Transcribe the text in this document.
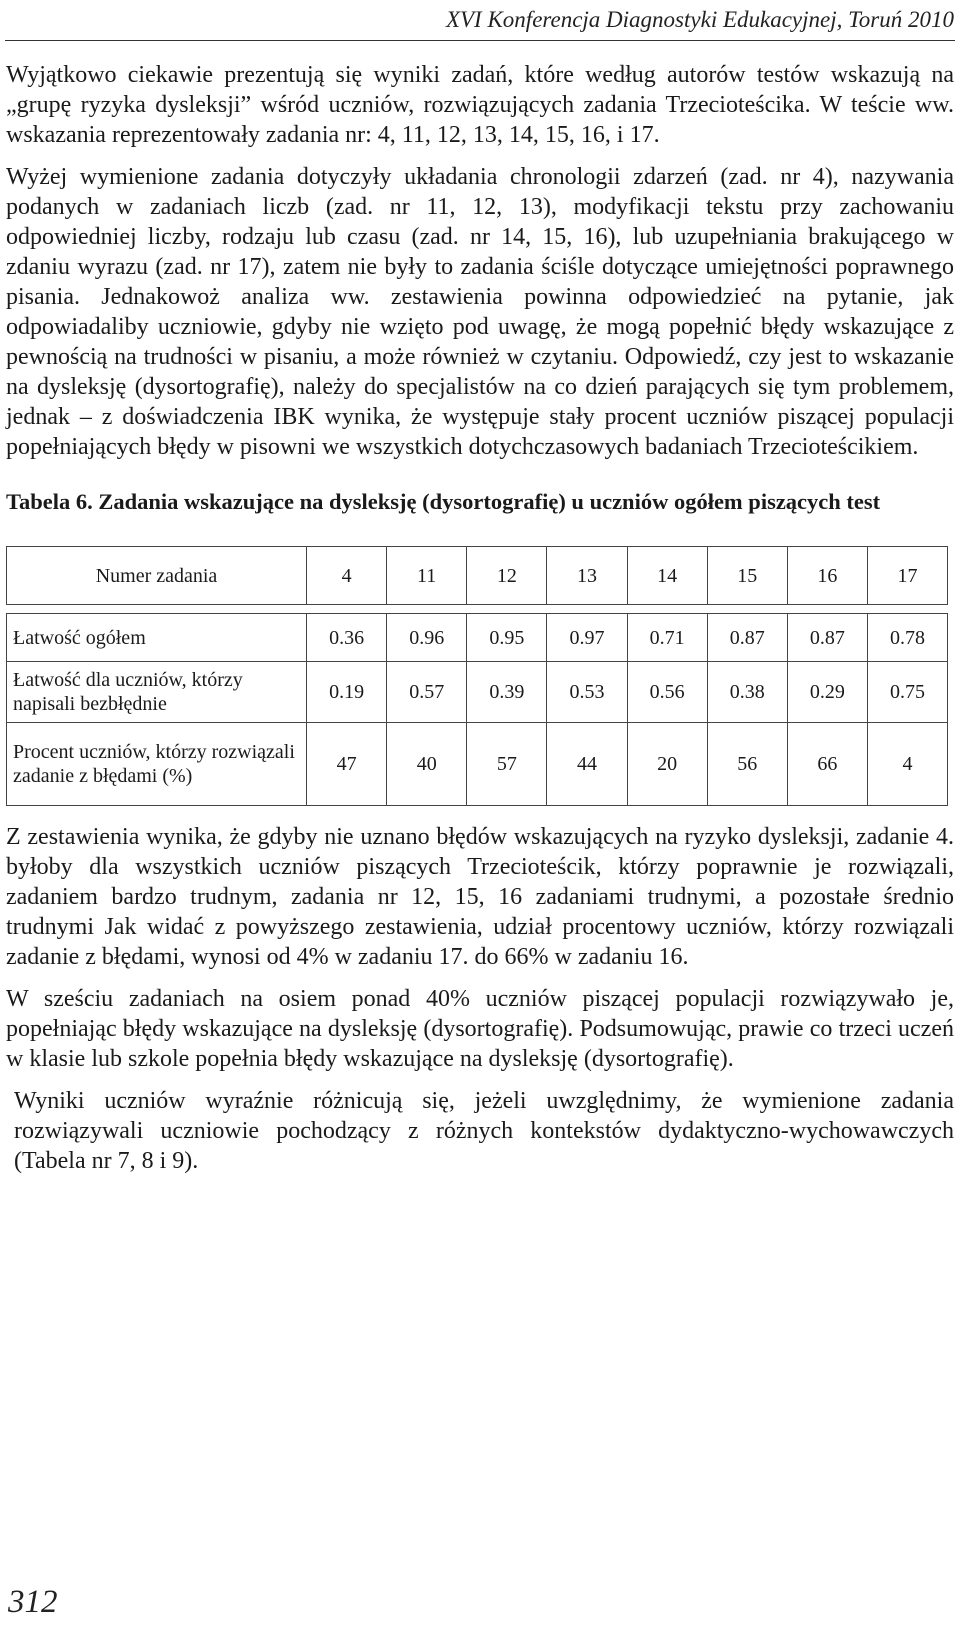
XVI Konferencja Diagnostyki Edukacyjnej, Toruń 2010

Wyjątkowo ciekawie prezentują się wyniki zadań, które według autorów testów wskazują na „grupę ryzyka dysleksji” wśród uczniów, rozwiązujących zadania Trzecioteścika. W teście ww. wskazania reprezentowały zadania nr: 4, 11, 12, 13, 14, 15, 16, i 17.

Wyżej wymienione zadania dotyczyły układania chronologii zdarzeń (zad. nr 4), nazywania podanych w zadaniach liczb (zad. nr 11, 12, 13), modyfikacji tekstu przy zachowaniu odpowiedniej liczby, rodzaju lub czasu (zad. nr 14, 15, 16), lub uzupełniania brakującego w zdaniu wyrazu (zad. nr 17), zatem nie były to zadania ściśle dotyczące umiejętności poprawnego pisania. Jednakowoż analiza ww. zestawienia powinna odpowiedzieć na pytanie, jak odpowiadaliby uczniowie, gdyby nie wzięto pod uwagę, że mogą popełnić błędy wskazujące z pewnością na trudności w pisaniu, a może również w czytaniu. Odpowiedź, czy jest to wskazanie na dysleksję (dysortografię), należy do specjalistów na co dzień parających się tym problemem, jednak – z doświadczenia IBK wynika, że występuje stały procent uczniów piszącej populacji popełniających błędy w pisowni we wszystkich dotychczasowych badaniach Trzecioteścikiem.

Tabela 6. Zadania wskazujące na dysleksję (dysortografię) u uczniów ogółem piszących test
Numer zadania	4	11	12	13	14	15	16	17

Łatwość ogółem	0.36	0.96	0.95	0.97	0.71	0.87	0.87	0.78
Łatwość dla uczniów, którzy napisali bezbłędnie	0.19	0.57	0.39	0.53	0.56	0.38	0.29	0.75
Procent uczniów, którzy rozwiązali zadanie z błędami (%)	47	40	57	44	20	56	66	4

Z zestawienia wynika, że gdyby nie uznano błędów wskazujących na ryzyko dysleksji, zadanie 4. byłoby dla wszystkich uczniów piszących Trzecioteścik, którzy poprawnie je rozwiązali, zadaniem bardzo trudnym, zadania nr 12, 15, 16 zadaniami trudnymi, a pozostałe średnio trudnymi Jak widać z powyższego zestawienia, udział procentowy uczniów, którzy rozwiązali zadanie z błędami, wynosi od 4% w zadaniu 17. do 66% w zadaniu 16.

W sześciu zadaniach na osiem ponad 40% uczniów piszącej populacji rozwiązywało je, popełniając błędy wskazujące na dysleksję (dysortografię). Podsumowując, prawie co trzeci uczeń w klasie lub szkole popełnia błędy wskazujące na dysleksję (dysortografię).

Wyniki uczniów wyraźnie różnicują się, jeżeli uwzględnimy, że wymienione zadania rozwiązywali uczniowie pochodzący z różnych kontekstów dydaktyczno-wychowawczych (Tabela nr 7, 8 i 9).

312
